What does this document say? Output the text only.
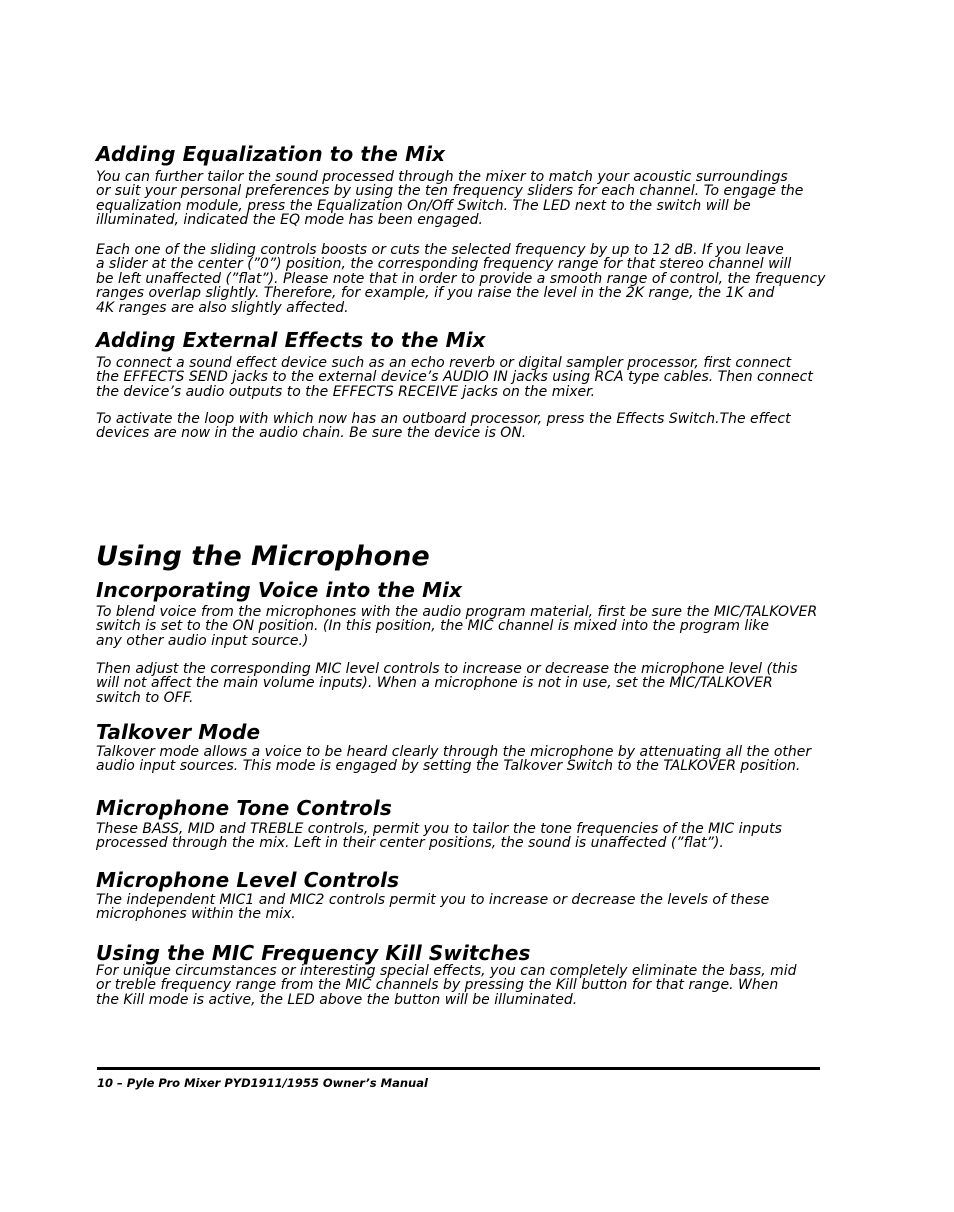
Adding Equalization to the Mix

You can further tailor the sound processed through the mixer to match your acoustic surroundings
or suit your personal preferences by using the ten frequency sliders for each channel. To engage the
equalization module, press the Equalization On/Off Switch. The LED next to the switch will be
illuminated, indicated the EQ mode has been engaged.

Each one of the sliding controls boosts or cuts the selected frequency by up to 12 dB. If you leave
a slider at the center (”0”) position, the corresponding frequency range for that stereo channel will
be left unaffected (”flat”). Please note that in order to provide a smooth range of control, the frequency
ranges overlap slightly. Therefore, for example, if you raise the level in the 2K range, the 1K and
4K ranges are also slightly affected.

Adding External Effects to the Mix

To connect a sound effect device such as an echo reverb or digital sampler processor, first connect
the EFFECTS SEND jacks to the external device’s AUDIO IN jacks using RCA type cables. Then connect
the device’s audio outputs to the EFFECTS RECEIVE jacks on the mixer.

To activate the loop with which now has an outboard processor, press the Effects Switch.The effect
devices are now in the audio chain. Be sure the device is ON.

Using the Microphone
Incorporating Voice into the Mix

To blend voice from the microphones with the audio program material, first be sure the MIC/TALKOVER
switch is set to the ON position. (In this position, the MIC channel is mixed into the program like
any other audio input source.)

Then adjust the corresponding MIC level controls to increase or decrease the microphone level (this
will not affect the main volume inputs). When a microphone is not in use, set the MIC/TALKOVER
switch to OFF.

Talkover Mode

Talkover mode allows a voice to be heard clearly through the microphone by attenuating all the other
audio input sources. This mode is engaged by setting the Talkover Switch to the TALKOVER position.

Microphone Tone Controls

These BASS, MID and TREBLE controls, permit you to tailor the tone frequencies of the MIC inputs
processed through the mix. Left in their center positions, the sound is unaffected (”flat”).

Microphone Level Controls

The independent MIC1 and MIC2 controls permit you to increase or decrease the levels of these
microphones within the mix.

Using the MIC Frequency Kill Switches

For unique circumstances or interesting special effects, you can completely eliminate the bass, mid
or treble frequency range from the MIC channels by pressing the Kill button for that range. When
the Kill mode is active, the LED above the button will be illuminated.

10 – Pyle Pro Mixer PYD1911/1955 Owner’s Manual
